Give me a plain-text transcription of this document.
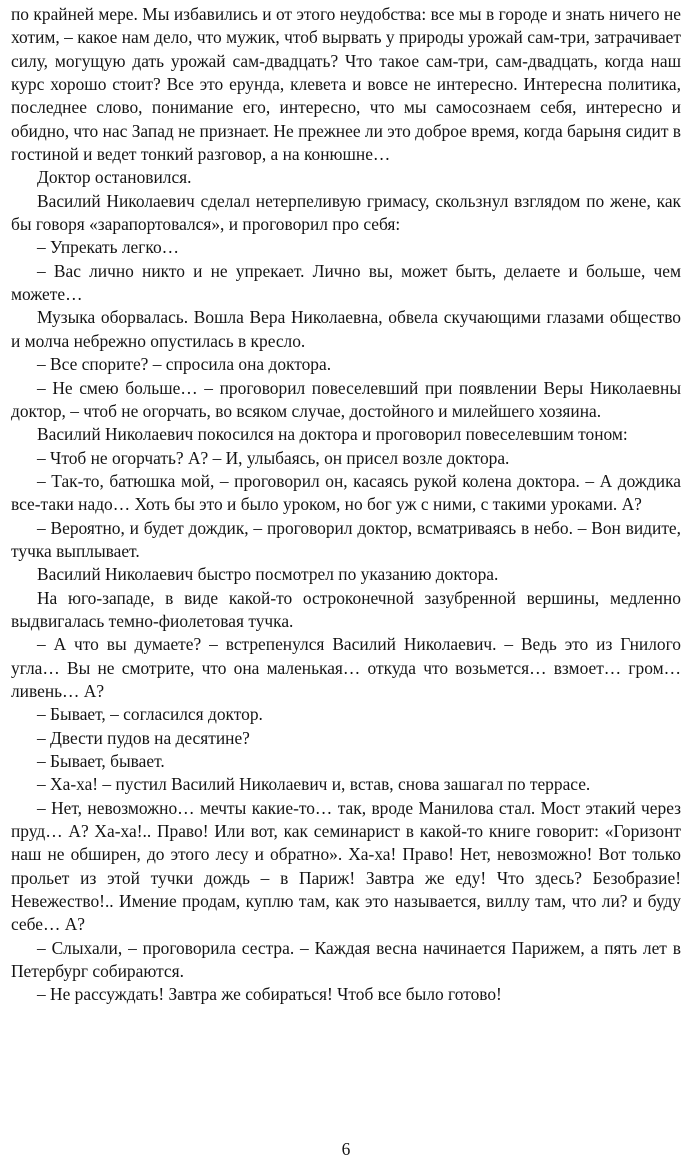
по крайней мере. Мы избавились и от этого неудобства: все мы в городе и знать ничего не хотим, – какое нам дело, что мужик, чтоб вырвать у природы урожай сам-три, затрачивает силу, могущую дать урожай сам-двадцать? Что такое сам-три, сам-двадцать, когда наш курс хорошо стоит? Все это ерунда, клевета и вовсе не интересно. Интересна политика, последнее слово, понимание его, интересно, что мы самосознаем себя, интересно и обидно, что нас Запад не признает. Не прежнее ли это доброе время, когда барыня сидит в гостиной и ведет тонкий разговор, а на конюшне…

Доктор остановился.

Василий Николаевич сделал нетерпеливую гримасу, скользнул взглядом по жене, как бы говоря «зарапортовался», и проговорил про себя:

– Упрекать легко…

– Вас лично никто и не упрекает. Лично вы, может быть, делаете и больше, чем можете…

Музыка оборвалась. Вошла Вера Николаевна, обвела скучающими глазами общество и молча небрежно опустилась в кресло.

– Все спорите? – спросила она доктора.

– Не смею больше… – проговорил повеселевший при появлении Веры Николаевны доктор, – чтоб не огорчать, во всяком случае, достойного и милейшего хозяина.

Василий Николаевич покосился на доктора и проговорил повеселевшим тоном:

– Чтоб не огорчать? А? – И, улыбаясь, он присел возле доктора.

– Так-то, батюшка мой, – проговорил он, касаясь рукой колена доктора. – А дождика все-таки надо… Хоть бы это и было уроком, но бог уж с ними, с такими уроками. А?

– Вероятно, и будет дождик, – проговорил доктор, всматриваясь в небо. – Вон видите, тучка выплывает.

Василий Николаевич быстро посмотрел по указанию доктора.

На юго-западе, в виде какой-то остроконечной зазубренной вершины, медленно выдвигалась темно-фиолетовая тучка.

– А что вы думаете? – встрепенулся Василий Николаевич. – Ведь это из Гнилого угла… Вы не смотрите, что она маленькая… откуда что возьмется… взмоет… гром… ливень… А?

– Бывает, – согласился доктор.

– Двести пудов на десятине?

– Бывает, бывает.

– Ха-ха! – пустил Василий Николаевич и, встав, снова зашагал по террасе.

– Нет, невозможно… мечты какие-то… так, вроде Манилова стал. Мост этакий через пруд… А? Ха-ха!.. Право! Или вот, как семинарист в какой-то книге говорит: «Горизонт наш не обширен, до этого лесу и обратно». Ха-ха! Право! Нет, невозможно! Вот только прольет из этой тучки дождь – в Париж! Завтра же еду! Что здесь? Безобразие! Невежество!.. Имение продам, куплю там, как это называется, виллу там, что ли? и буду себе… А?

– Слыхали, – проговорила сестра. – Каждая весна начинается Парижем, а пять лет в Петербург собираются.

– Не рассуждать! Завтра же собираться! Чтоб все было готово!

6
